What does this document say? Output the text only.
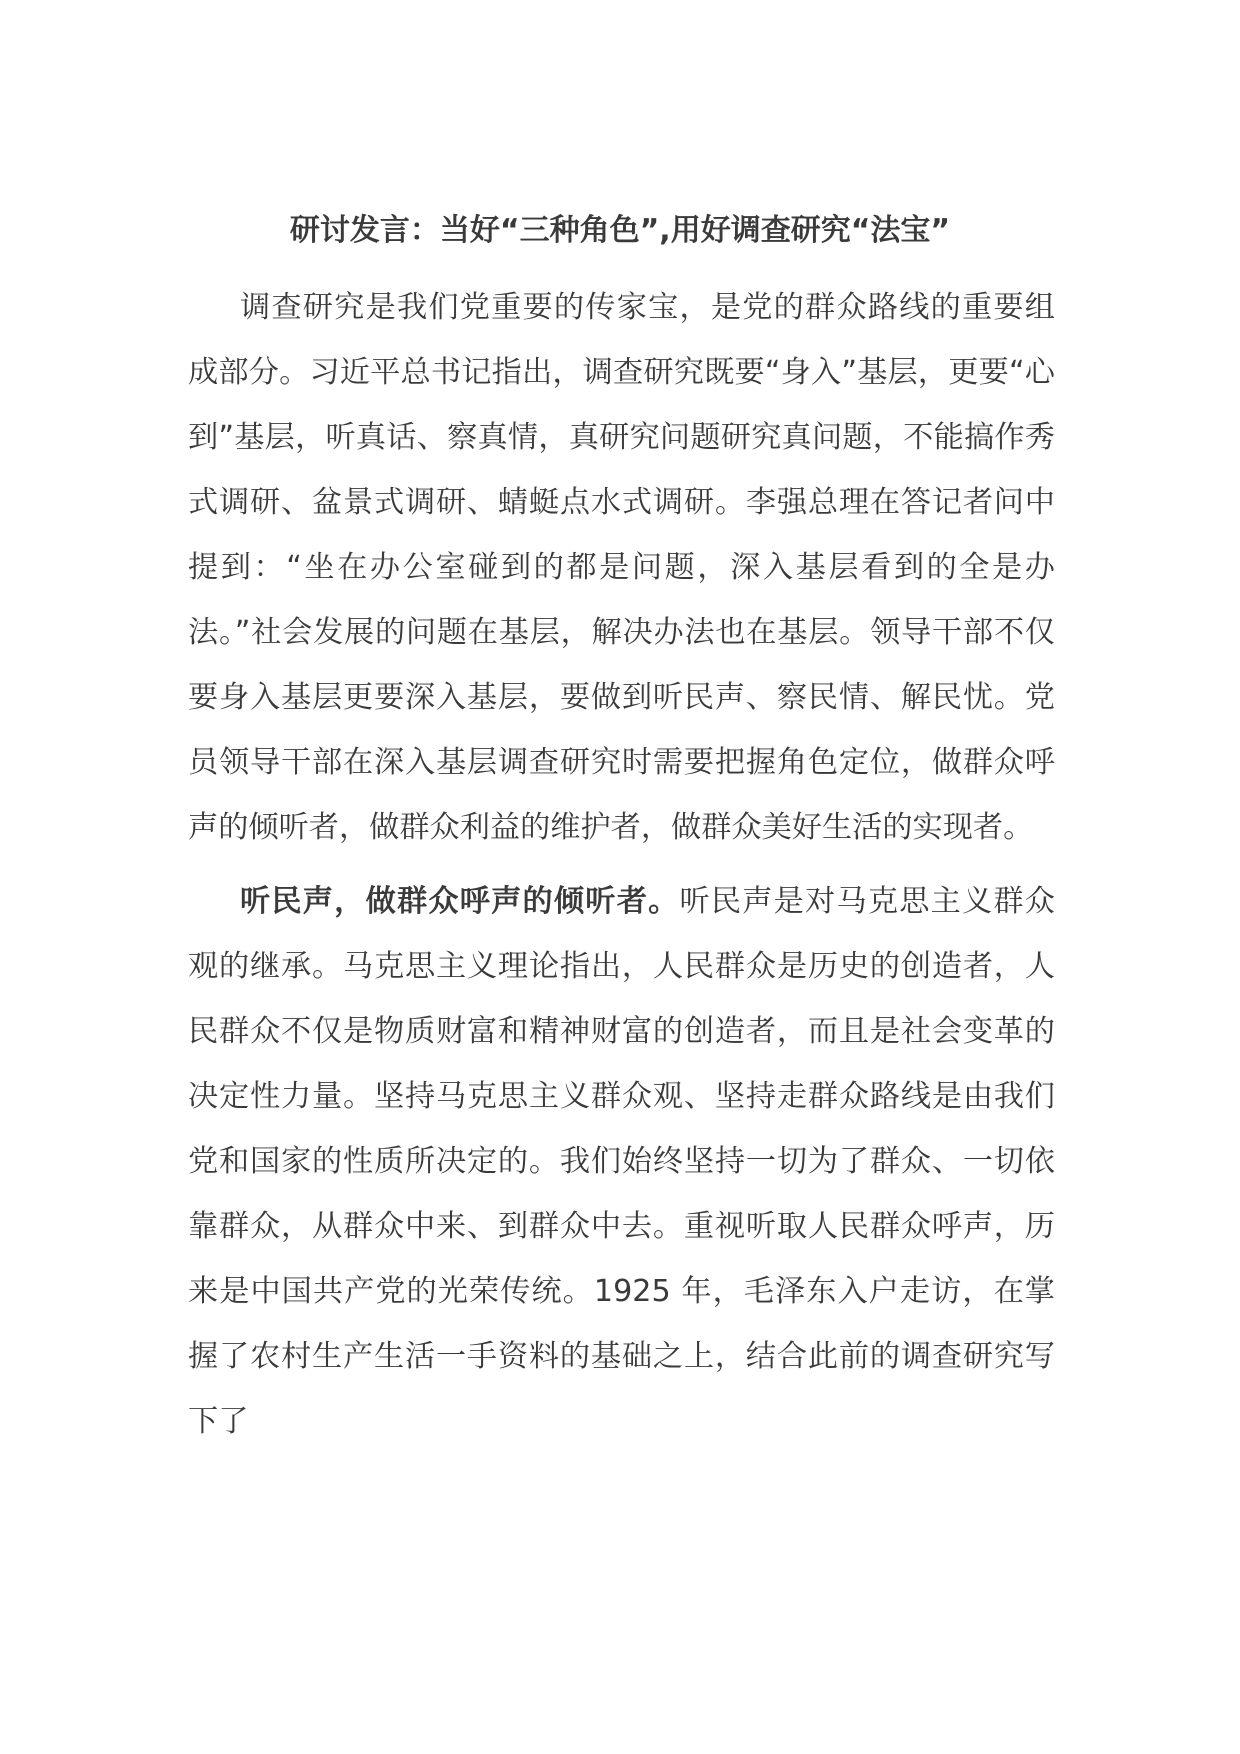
研讨发言：当好“三种角色”,用好调查研究“法宝”

调查研究是我们党重要的传家宝，是党的群众路线的重要组成部分。习近平总书记指出，调查研究既要“身入”基层，更要“心到”基层，听真话、察真情，真研究问题研究真问题，不能搞作秀式调研、盆景式调研、蜻蜓点水式调研。李强总理在答记者问中提到：“坐在办公室碰到的都是问题，深入基层看到的全是办法。”社会发展的问题在基层，解决办法也在基层。领导干部不仅要身入基层更要深入基层，要做到听民声、察民情、解民忧。党员领导干部在深入基层调查研究时需要把握角色定位，做群众呼声的倾听者，做群众利益的维护者，做群众美好生活的实现者。

听民声，做群众呼声的倾听者。听民声是对马克思主义群众观的继承。马克思主义理论指出，人民群众是历史的创造者，人民群众不仅是物质财富和精神财富的创造者，而且是社会变革的决定性力量。坚持马克思主义群众观、坚持走群众路线是由我们党和国家的性质所决定的。我们始终坚持一切为了群众、一切依靠群众，从群众中来、到群众中去。重视听取人民群众呼声，历来是中国共产党的光荣传统。1925 年，毛泽东入户走访，在掌握了农村生产生活一手资料的基础之上，结合此前的调查研究写下了
